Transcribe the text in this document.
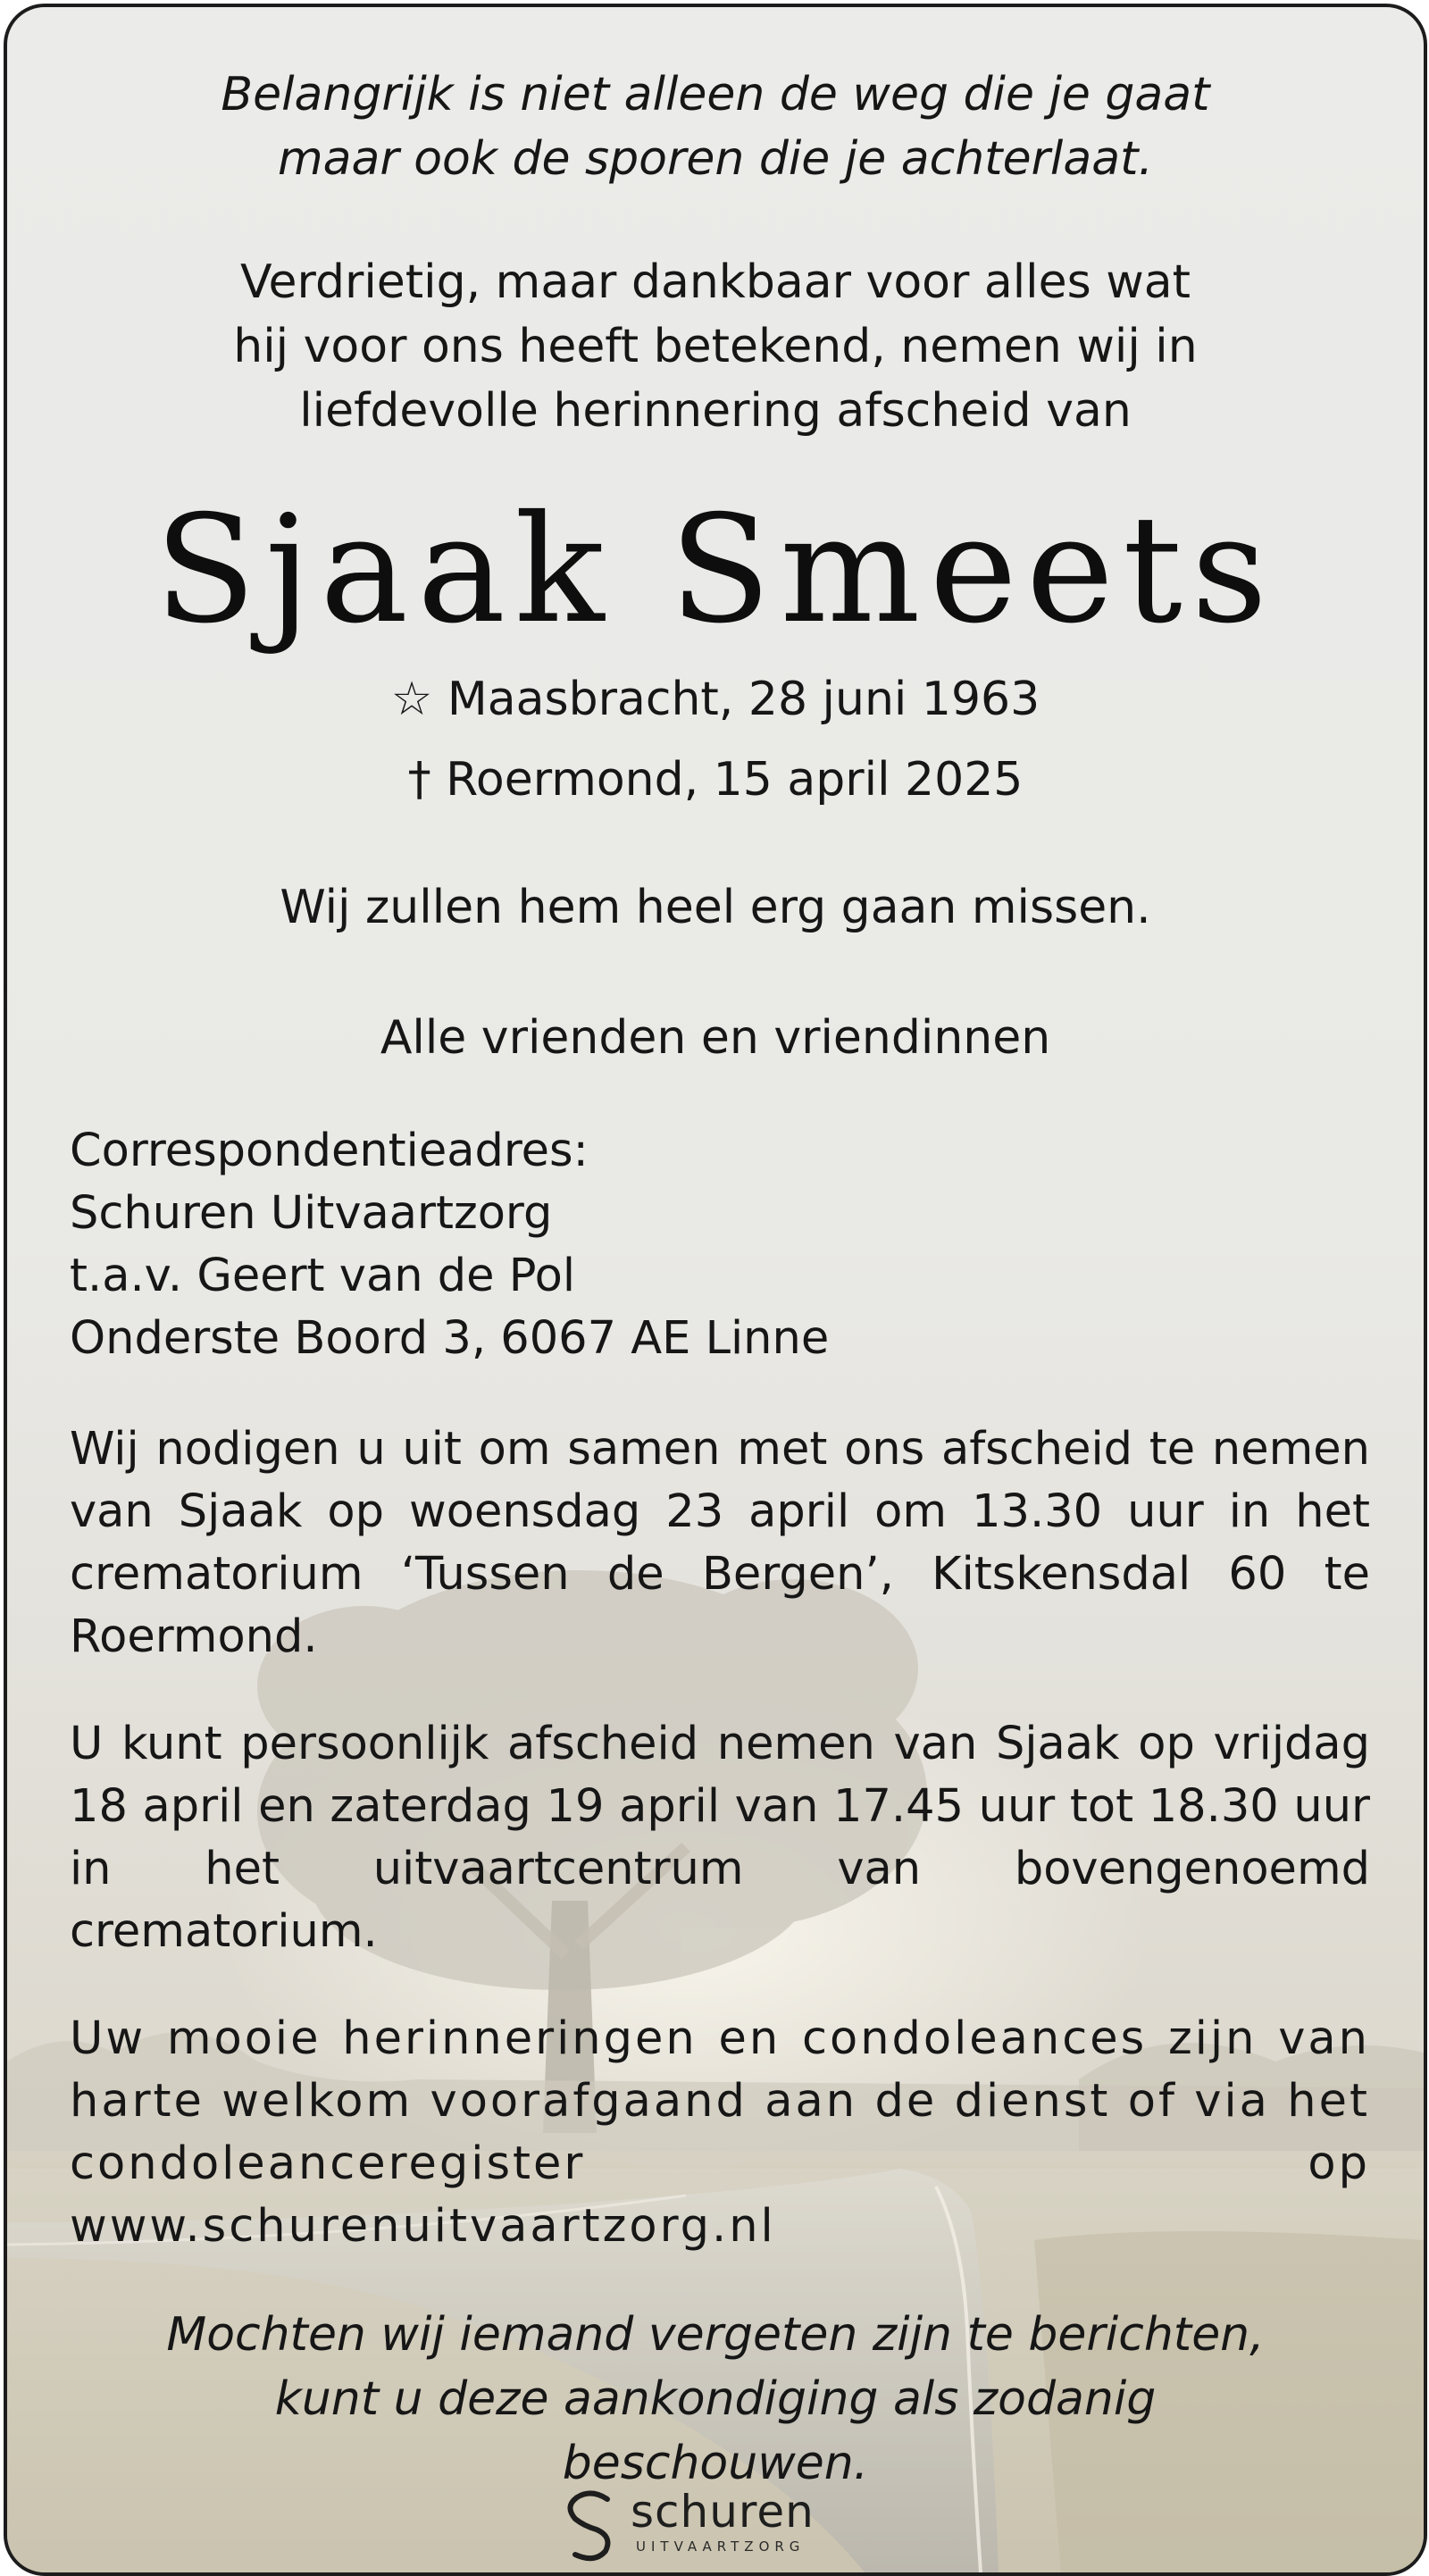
Belangrijk is niet alleen de weg die je gaat
maar ook de sporen die je achterlaat.
Verdrietig, maar dankbaar voor alles wat
hij voor ons heeft betekend, nemen wij in
liefdevolle herinnering afscheid van
Sjaak Smeets
☆ Maasbracht, 28 juni 1963
† Roermond, 15 april 2025
Wij zullen hem heel erg gaan missen.
Alle vrienden en vriendinnen
Correspondentieadres:
Schuren Uitvaartzorg
t.a.v. Geert van de Pol
Onderste Boord 3, 6067 AE Linne
Wij nodigen u uit om samen met ons afscheid te nemen van Sjaak op woensdag 23 april om 13.30 uur in het crematorium ‘Tussen de Bergen’, Kitskensdal 60 te Roermond.
U kunt persoonlijk afscheid nemen van Sjaak op vrijdag 18 april en zaterdag 19 april van 17.45 uur tot 18.30 uur in het uitvaartcentrum van bovengenoemd crematorium.
Uw mooie herinneringen en condoleances zijn van harte welkom voorafgaand aan de dienst of via het condoleanceregister op www.schurenuitvaartzorg.nl
Mochten wij iemand vergeten zijn te berichten,
kunt u deze aankondiging als zodanig
beschouwen.
schuren
UITVAARTZORG
